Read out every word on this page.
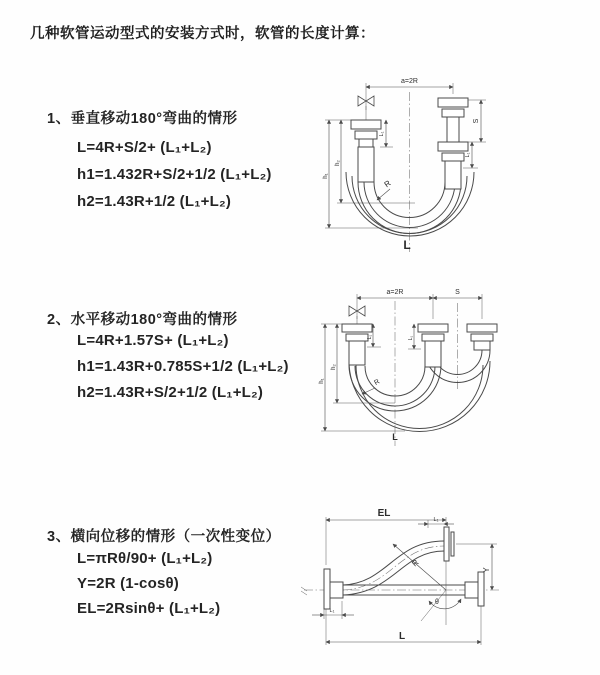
几种软管运动型式的安装方式时，软管的长度计算：
1、垂直移动180°弯曲的情形
L=4R+S/2+ (L₁+L₂)
h1=1.432R+S/2+1/2 (L₁+L₂)
h2=1.43R+1/2 (L₁+L₂)
2、水平移动180°弯曲的情形
L=4R+1.57S+ (L₁+L₂)
h1=1.43R+0.785S+1/2 (L₁+L₂)
h2=1.43R+S/2+1/2 (L₁+L₂)
3、横向位移的情形（一次性变位）
L=πRθ/90+ (L₁+L₂)
Y=2R (1-cosθ)
EL=2Rsinθ+ (L₁+L₂)
a=2R
S
L₁
L₁
h₁
h₂
R
L
a=2R	S
L₁	L₁
h₁
h₂
R
L
EL
L₁
Y
R
θ
L
L₁
